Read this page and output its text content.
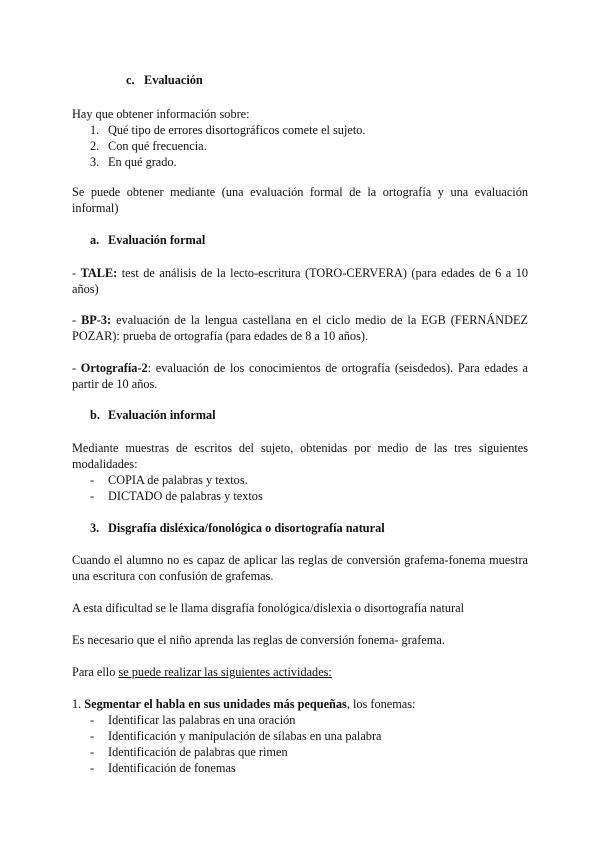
c. Evaluación
Hay que obtener información sobre:
1. Qué tipo de errores disortográficos comete el sujeto.
2. Con qué frecuencia.
3. En qué grado.
Se puede obtener mediante (una evaluación formal de la ortografía y una evaluación
informal)
a. Evaluación formal
- TALE: test de análisis de la lecto-escritura (TORO-CERVERA) (para edades de 6 a 10
años)
- BP-3: evaluación de la lengua castellana en el ciclo medio de la EGB (FERNÁNDEZ
POZAR): prueba de ortografía (para edades de 8 a 10 años).
- Ortografía-2: evaluación de los conocimientos de ortografía (seisdedos). Para edades a
partir de 10 años.
b. Evaluación informal
Mediante muestras de escritos del sujeto, obtenidas por medio de las tres siguientes
modalidades:
- COPIA de palabras y textos.
- DICTADO de palabras y textos
3. Disgrafía disléxica/fonológica o disortografía natural
Cuando el alumno no es capaz de aplicar las reglas de conversión grafema-fonema muestra
una escritura con confusión de grafemas.
A esta dificultad se le llama disgrafía fonológica/dislexia o disortografía natural
Es necesario que el niño aprenda las reglas de conversión fonema- grafema.
Para ello se puede realizar las siguientes actividades:
1. Segmentar el habla en sus unidades más pequeñas, los fonemas:
- Identificar las palabras en una oración
- Identificación y manipulación de sílabas en una palabra
- Identificación de palabras que rimen
- Identificación de fonemas
